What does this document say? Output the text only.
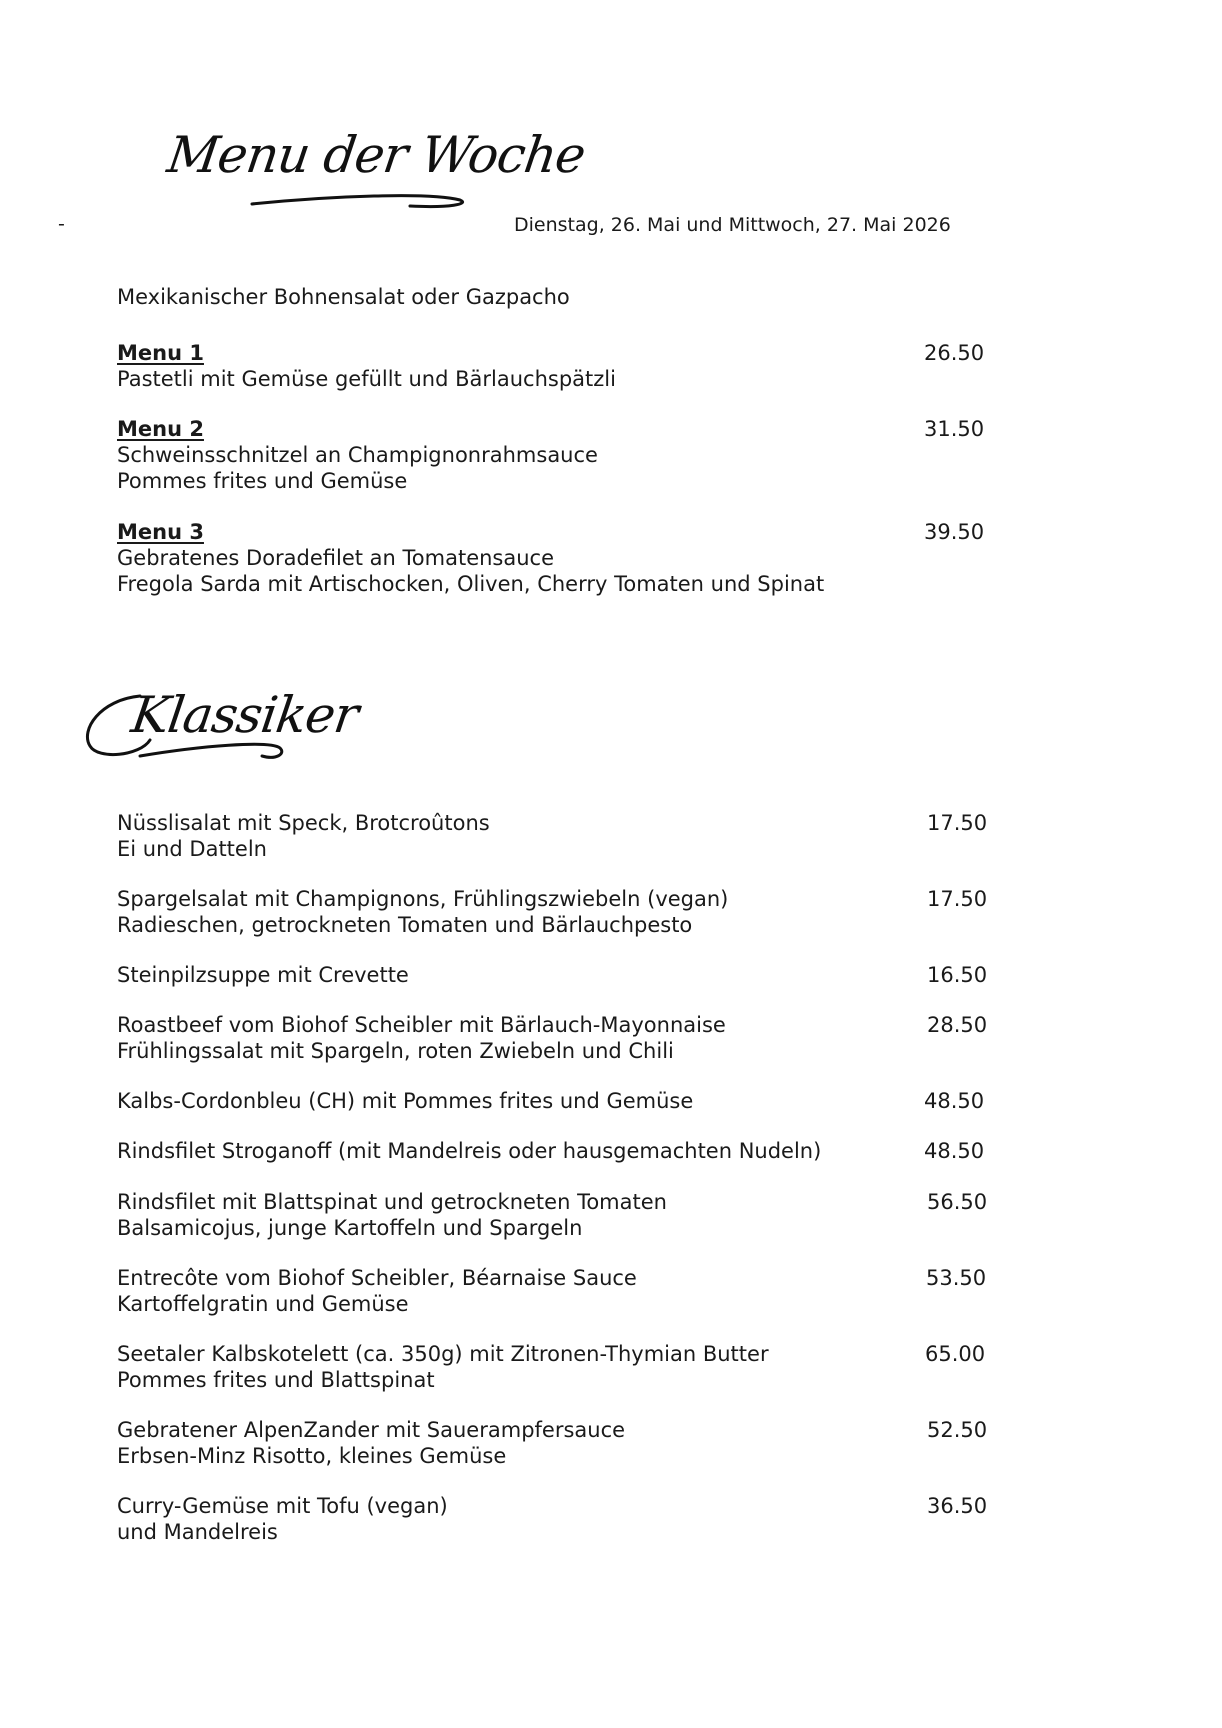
Menu der Woche
-	Dienstag, 26. Mai und Mittwoch, 27. Mai 2026
Mexikanischer Bohnensalat oder Gazpacho
Menu 1
Pastetli mit Gemüse gefüllt und Bärlauchspätzli
26.50
Menu 2
Schweinsschnitzel an Champignonrahmsauce
Pommes frites und Gemüse
31.50
Menu 3
Gebratenes Doradefilet an Tomatensauce
Fregola Sarda mit Artischocken, Oliven, Cherry Tomaten und Spinat
39.50
Klassiker
Nüsslisalat mit Speck, Brotcroûtons
Ei und Datteln
17.50
Spargelsalat mit Champignons, Frühlingszwiebeln (vegan)
Radieschen, getrockneten Tomaten und Bärlauchpesto
17.50
Steinpilzsuppe mit Crevette	16.50
Roastbeef vom Biohof Scheibler mit Bärlauch-Mayonnaise
Frühlingssalat mit Spargeln, roten Zwiebeln und Chili
28.50
Kalbs-Cordonbleu (CH) mit Pommes frites und Gemüse	48.50
Rindsfilet Stroganoff (mit Mandelreis oder hausgemachten Nudeln)	48.50
Rindsfilet mit Blattspinat und getrockneten Tomaten
Balsamicojus, junge Kartoffeln und Spargeln
56.50
Entrecôte vom Biohof Scheibler, Béarnaise Sauce
Kartoffelgratin und Gemüse
53.50
Seetaler Kalbskotelett (ca. 350g) mit Zitronen-Thymian Butter
Pommes frites und Blattspinat
65.00
Gebratener AlpenZander mit Sauerampfersauce
Erbsen-Minz Risotto, kleines Gemüse
52.50
Curry-Gemüse mit Tofu (vegan)
und Mandelreis
36.50
